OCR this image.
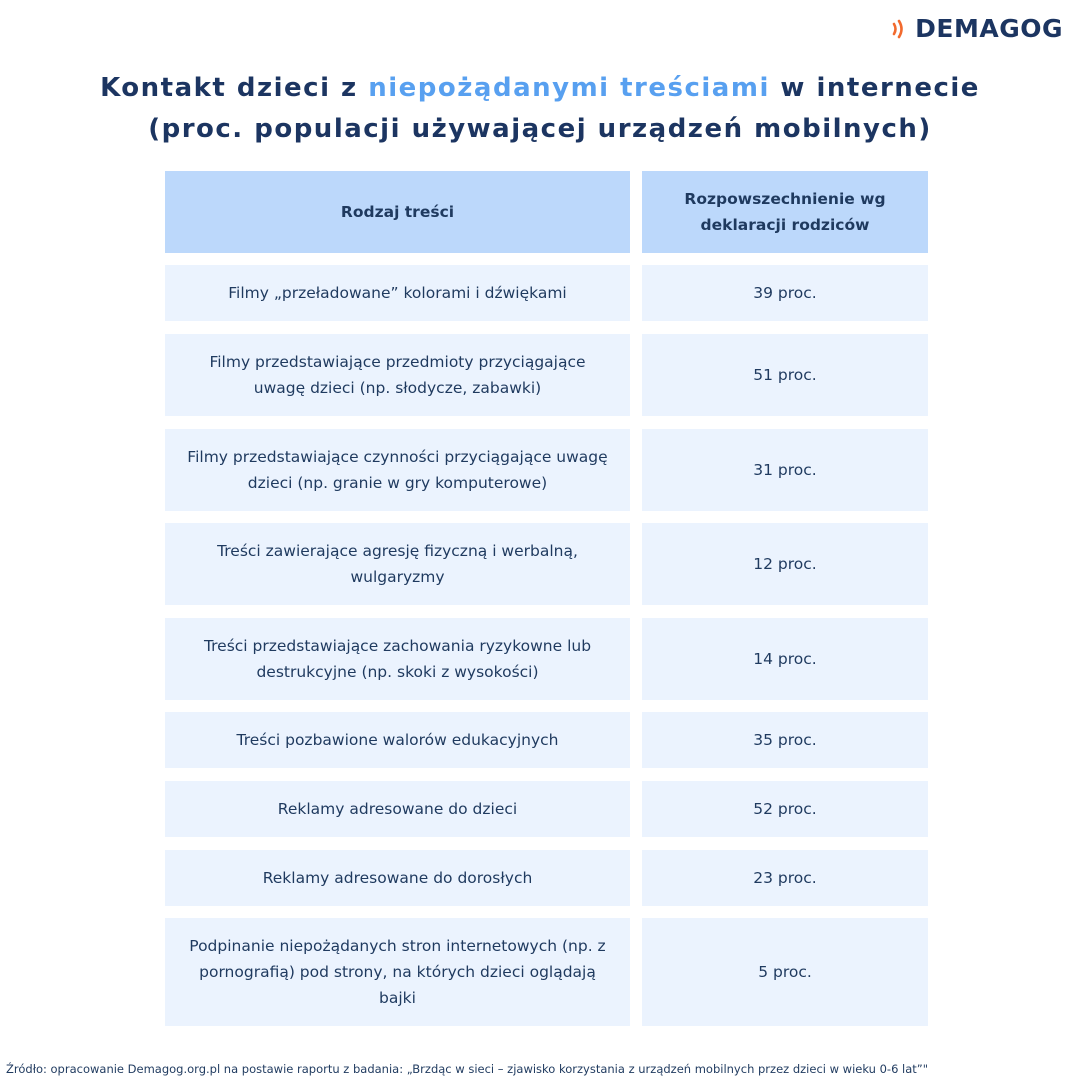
DEMAGOG
Kontakt dzieci z niepożądanymi treściami w internecie
(proc. populacji używającej urządzeń mobilnych)
Rodzaj treści
Rozpowszechnienie wg deklaracji rodziców
Filmy „przeładowane” kolorami i dźwiękami	39 proc.
Filmy przedstawiające przedmioty przyciągające uwagę dzieci (np. słodycze, zabawki)
51 proc.
Filmy przedstawiające czynności przyciągające uwagę dzieci (np. granie w gry komputerowe)
31 proc.
Treści zawierające agresję fizyczną i werbalną, wulgaryzmy
12 proc.
Treści przedstawiające zachowania ryzykowne lub destrukcyjne (np. skoki z wysokości)
14 proc.
Treści pozbawione walorów edukacyjnych	35 proc.
Reklamy adresowane do dzieci	52 proc.
Reklamy adresowane do dorosłych	23 proc.
Podpinanie niepożądanych stron internetowych (np. z pornografią) pod strony, na których dzieci oglądają bajki
5 proc.
Źródło: opracowanie Demagog.org.pl na postawie raportu z badania: „Brzdąc w sieci – zjawisko korzystania z urządzeń mobilnych przez dzieci w wieku 0-6 lat”"
